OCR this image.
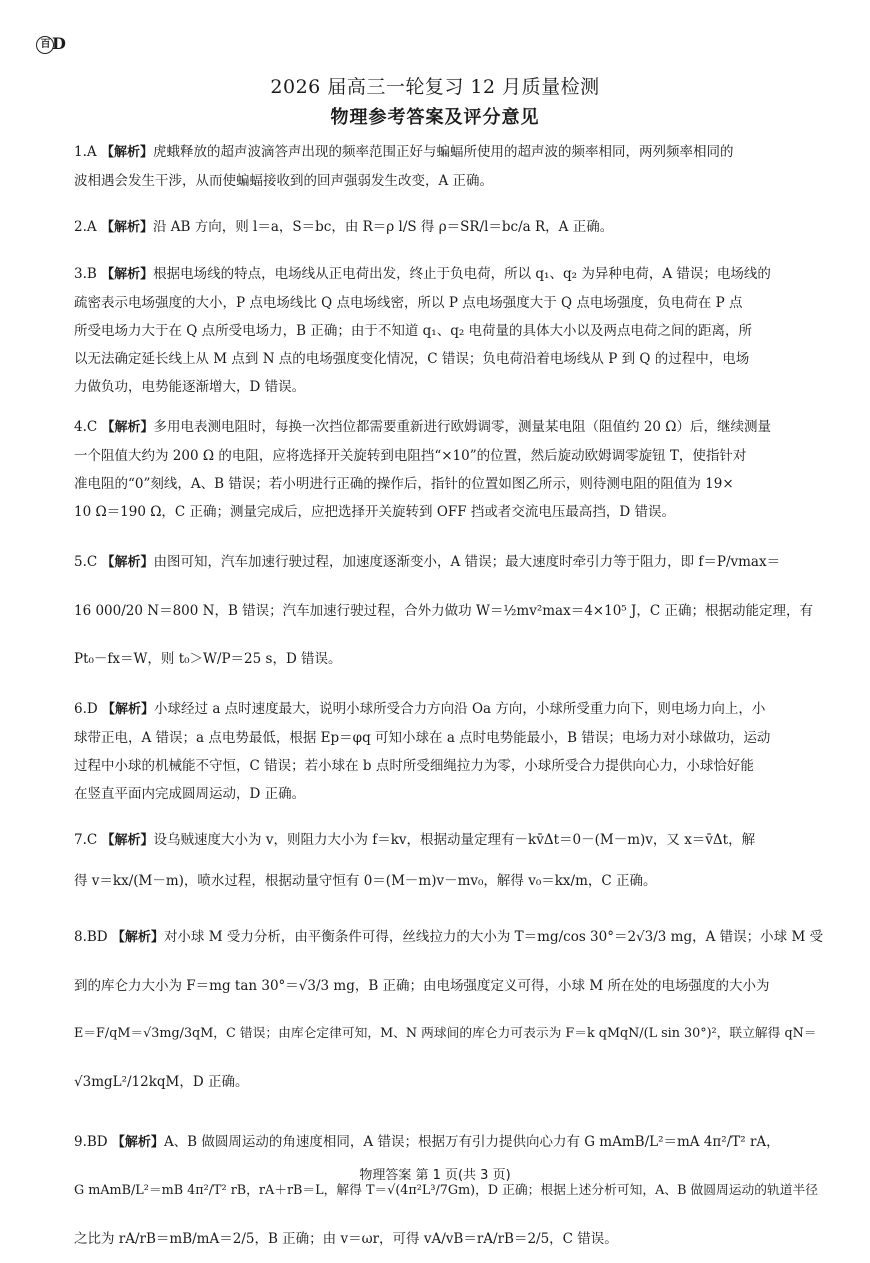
百 D
2026 届高三一轮复习 12 月质量检测
物理参考答案及评分意见
1.A 【解析】虎蛾释放的超声波滴答声出现的频率范围正好与蝙蝠所使用的超声波的频率相同，两列频率相同的
波相遇会发生干涉，从而使蝙蝠接收到的回声强弱发生改变，A 正确。
2.A 【解析】沿 AB 方向，则 l＝a，S＝bc，由 R＝ρ l/S 得 ρ＝SR/l＝bc/a R，A 正确。
3.B 【解析】根据电场线的特点，电场线从正电荷出发，终止于负电荷，所以 q₁、q₂ 为异种电荷，A 错误；电场线的
疏密表示电场强度的大小，P 点电场线比 Q 点电场线密，所以 P 点电场强度大于 Q 点电场强度，负电荷在 P 点
所受电场力大于在 Q 点所受电场力，B 正确；由于不知道 q₁、q₂ 电荷量的具体大小以及两点电荷之间的距离，所
以无法确定延长线上从 M 点到 N 点的电场强度变化情况，C 错误；负电荷沿着电场线从 P 到 Q 的过程中，电场
力做负功，电势能逐渐增大，D 错误。
4.C 【解析】多用电表测电阻时，每换一次挡位都需要重新进行欧姆调零，测量某电阻（阻值约 20 Ω）后，继续测量
一个阻值大约为 200 Ω 的电阻，应将选择开关旋转到电阻挡“×10”的位置，然后旋动欧姆调零旋钮 T，使指针对
准电阻的“0”刻线，A、B 错误；若小明进行正确的操作后，指针的位置如图乙所示，则待测电阻的阻值为 19×
10 Ω＝190 Ω，C 正确；测量完成后，应把选择开关旋转到 OFF 挡或者交流电压最高挡，D 错误。
5.C 【解析】由图可知，汽车加速行驶过程，加速度逐渐变小，A 错误；最大速度时牵引力等于阻力，即 f＝P/vmax＝
16 000/20 N＝800 N，B 错误；汽车加速行驶过程，合外力做功 W＝½mv²max＝4×10⁵ J，C 正确；根据动能定理，有
Pt₀－fx＝W，则 t₀＞W/P＝25 s，D 错误。
6.D 【解析】小球经过 a 点时速度最大，说明小球所受合力方向沿 Oa 方向，小球所受重力向下，则电场力向上，小
球带正电，A 错误；a 点电势最低，根据 Ep＝φq 可知小球在 a 点时电势能最小，B 错误；电场力对小球做功，运动
过程中小球的机械能不守恒，C 错误；若小球在 b 点时所受细绳拉力为零，小球所受合力提供向心力，小球恰好能
在竖直平面内完成圆周运动，D 正确。
7.C 【解析】设乌贼速度大小为 v，则阻力大小为 f＝kv，根据动量定理有－kv̄Δt＝0－(M－m)v，又 x＝v̄Δt，解
得 v＝kx/(M－m)，喷水过程，根据动量守恒有 0＝(M－m)v－mv₀，解得 v₀＝kx/m，C 正确。
8.BD 【解析】对小球 M 受力分析，由平衡条件可得，丝线拉力的大小为 T＝mg/cos 30°＝2√3/3 mg，A 错误；小球 M 受
到的库仑力大小为 F＝mg tan 30°＝√3/3 mg，B 正确；由电场强度定义可得，小球 M 所在处的电场强度的大小为
E＝F/qM＝√3mg/3qM，C 错误；由库仑定律可知，M、N 两球间的库仑力可表示为 F＝k qMqN/(L sin 30°)²，联立解得 qN＝
√3mgL²/12kqM，D 正确。
9.BD 【解析】A、B 做圆周运动的角速度相同，A 错误；根据万有引力提供向心力有 G mAmB/L²＝mA 4π²/T² rA，
G mAmB/L²＝mB 4π²/T² rB，rA＋rB＝L，解得 T＝√(4π²L³/7Gm)，D 正确；根据上述分析可知，A、B 做圆周运动的轨道半径
之比为 rA/rB＝mB/mA＝2/5，B 正确；由 v＝ωr，可得 vA/vB＝rA/rB＝2/5，C 错误。
物理答案 第 1 页(共 3 页)
